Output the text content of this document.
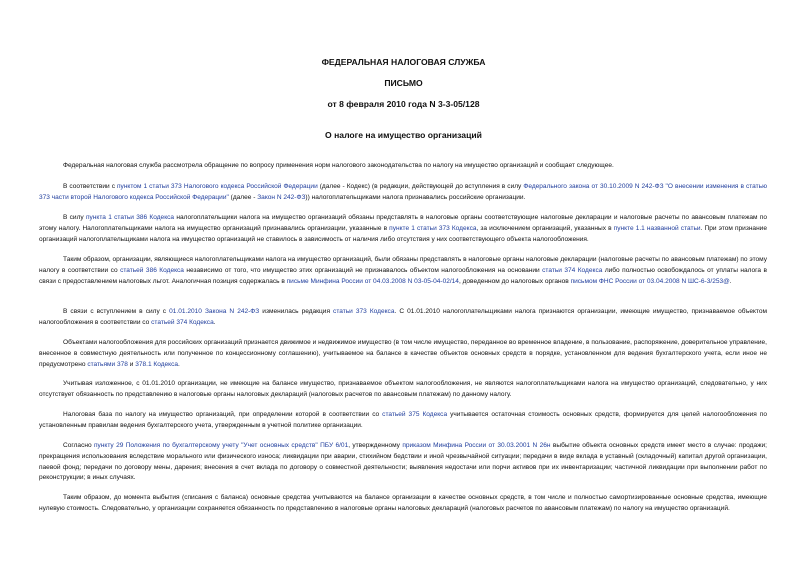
ФЕДЕРАЛЬНАЯ НАЛОГОВАЯ СЛУЖБА
ПИСЬМО
от 8 февраля 2010 года N 3-3-05/128
О налоге на имущество организаций

Федеральная налоговая служба рассмотрела обращение по вопросу применения норм налогового законодательства по налогу на имущество организаций и сообщает следующее.

В соответствии с пунктом 1 статьи 373 Налогового кодекса Российской Федерации (далее - Кодекс) (в редакции, действующей до вступления в силу Федерального закона от 30.10.2009 N 242-ФЗ "О внесении изменения в статью 373 части второй Налогового кодекса Российской Федерации" (далее - Закон N 242-ФЗ)) налогоплательщиками налога признавались российские организации.

В силу пункта 1 статьи 386 Кодекса налогоплательщики налога на имущество организаций обязаны представлять в налоговые органы соответствующие налоговые декларации и налоговые расчеты по авансовым платежам по этому налогу. Налогоплательщиками налога на имущество организаций признавались организации, указанные в пункте 1 статьи 373 Кодекса, за исключением организаций, указанных в пункте 1.1 названной статьи. При этом признание организаций налогоплательщиками налога на имущество организаций не ставилось в зависимость от наличия либо отсутствия у них соответствующего объекта налогообложения.

Таким образом, организации, являющиеся налогоплательщиками налога на имущество организаций, были обязаны представлять в налоговые органы налоговые декларации (налоговые расчеты по авансовым платежам) по этому налогу в соответствии со статьей 386 Кодекса независимо от того, что имущество этих организаций не признавалось объектом налогообложения на основании статьи 374 Кодекса либо полностью освобождалось от уплаты налога в связи с предоставлением налоговых льгот. Аналогичная позиция содержалась в письме Минфина России от 04.03.2008 N 03-05-04-02/14, доведенном до налоговых органов письмом ФНС России от 03.04.2008 N ШС-6-3/253@.

В связи с вступлением в силу с 01.01.2010 Закона N 242-ФЗ изменилась редакция статьи 373 Кодекса. С 01.01.2010 налогоплательщиками налога признаются организации, имеющие имущество, признаваемое объектом налогообложения в соответствии со статьей 374 Кодекса.

Объектами налогообложения для российских организаций признается движимое и недвижимое имущество (в том числе имущество, переданное во временное владение, в пользование, распоряжение, доверительное управление, внесенное в совместную деятельность или полученное по концессионному соглашению), учитываемое на балансе в качестве объектов основных средств в порядке, установленном для ведения бухгалтерского учета, если иное не предусмотрено статьями 378 и 378.1 Кодекса.

Учитывая изложенное, с 01.01.2010 организации, не имеющие на балансе имущество, признаваемое объектом налогообложения, не являются налогоплательщиками налога на имущество организаций, следовательно, у них отсутствует обязанность по представлению в налоговые органы налоговых деклараций (налоговых расчетов по авансовым платежам) по данному налогу.

Налоговая база по налогу на имущество организаций, при определении которой в соответствии со статьей 375 Кодекса учитывается остаточная стоимость основных средств, формируется для целей налогообложения по установленным правилам ведения бухгалтерского учета, утвержденным в учетной политике организации.

Согласно пункту 29 Положения по бухгалтерскому учету "Учет основных средств" ПБУ 6/01, утвержденному приказом Минфина России от 30.03.2001 N 26н выбытие объекта основных средств имеет место в случае: продажи; прекращения использования вследствие морального или физического износа; ликвидации при аварии, стихийном бедствии и иной чрезвычайной ситуации; передачи в виде вклада в уставный (складочный) капитал другой организации, паевой фонд; передачи по договору мены, дарения; внесения в счет вклада по договору о совместной деятельности; выявления недостачи или порчи активов при их инвентаризации; частичной ликвидации при выполнении работ по реконструкции; в иных случаях.

Таким образом, до момента выбытия (списания с баланса) основные средства учитываются на балансе организации в качестве основных средств, в том числе и полностью самортизированные основные средства, имеющие нулевую стоимость. Следовательно, у организации сохраняется обязанность по представлению в налоговые органы налоговых деклараций (налоговых расчетов по авансовым платежам) по налогу на имущество организаций.
